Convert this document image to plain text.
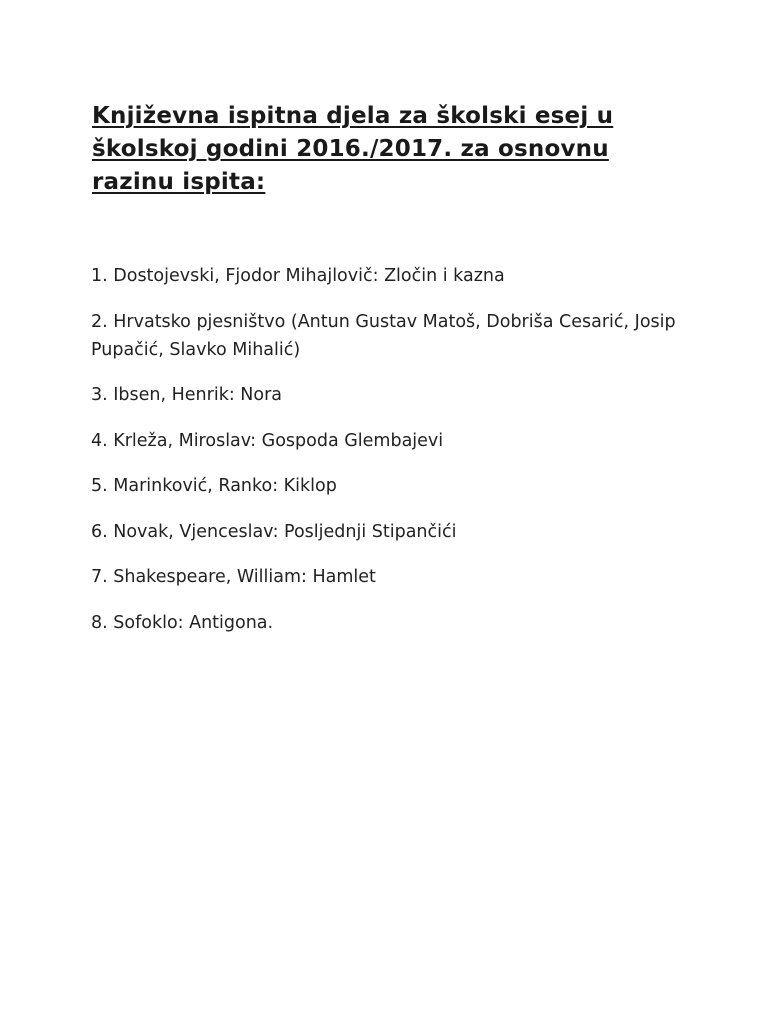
Književna ispitna djela za školski esej u školskoj godini 2016./2017. za osnovnu razinu ispita:
1. Dostojevski, Fjodor Mihajlovič: Zločin i kazna
2. Hrvatsko pjesništvo (Antun Gustav Matoš, Dobriša Cesarić, Josip Pupačić, Slavko Mihalić)
3. Ibsen, Henrik: Nora
4. Krleža, Miroslav: Gospoda Glembajevi
5. Marinković, Ranko: Kiklop
6. Novak, Vjenceslav: Posljednji Stipančići
7. Shakespeare, William: Hamlet
8. Sofoklo: Antigona.
